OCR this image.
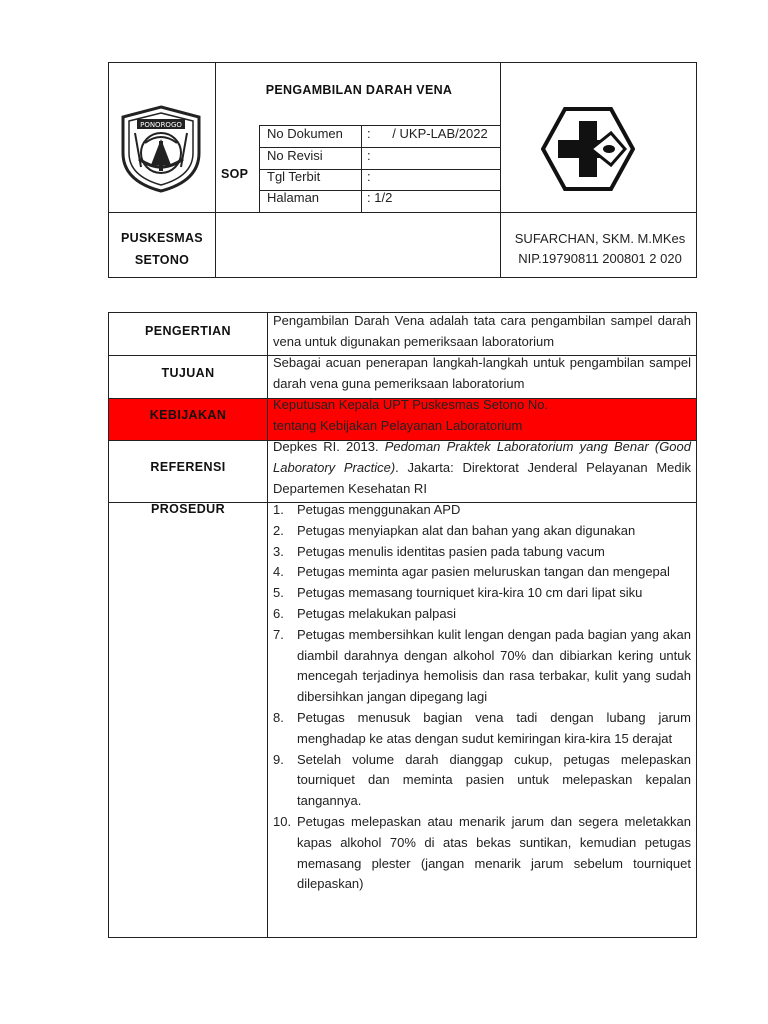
PONOROGO
PENGAMBILAN DARAH VENA
SOP
No Dokumen :      / UKP-LAB/2022
No Revisi	:
Tgl Terbit	:
Halaman	: 1/2
PUSKESMAS
SETONO
SUFARCHAN, SKM. M.MKes
NIP.19790811 200801 2 020
PENGERTIAN
Pengambilan Darah Vena adalah tata cara pengambilan sampel darah vena untuk digunakan pemeriksaan laboratorium
TUJUAN
Sebagai acuan penerapan langkah-langkah untuk pengambilan sampel darah vena guna pemeriksaan laboratorium
KEBIJAKAN
Keputusan Kepala UPT Puskesmas Setono No.
tentang Kebijakan Pelayanan Laboratorium
REFERENSI
Depkes RI. 2013. Pedoman Praktek Laboratorium yang Benar (Good Laboratory Practice). Jakarta: Direktorat Jenderal Pelayanan Medik Departemen Kesehatan RI
PROSEDUR	1. Petugas menggunakan APD
2. Petugas menyiapkan alat dan bahan yang akan digunakan
3. Petugas menulis identitas pasien pada tabung vacum
4. Petugas meminta agar pasien meluruskan tangan dan mengepal
5. Petugas memasang tourniquet kira-kira 10 cm dari lipat siku
6. Petugas melakukan palpasi
7. Petugas membersihkan kulit lengan dengan pada bagian yang akan diambil darahnya dengan alkohol 70% dan dibiarkan kering untuk mencegah terjadinya hemolisis dan rasa terbakar, kulit yang sudah dibersihkan jangan dipegang lagi
8. Petugas menusuk bagian vena tadi dengan lubang jarum menghadap ke atas dengan sudut kemiringan kira-kira 15 derajat
9. Setelah volume darah dianggap cukup, petugas melepaskan tourniquet dan meminta pasien untuk melepaskan kepalan tangannya.
10. Petugas melepaskan atau menarik jarum dan segera meletakkan kapas alkohol 70% di atas bekas suntikan, kemudian petugas memasang plester (jangan menarik jarum sebelum tourniquet dilepaskan)
